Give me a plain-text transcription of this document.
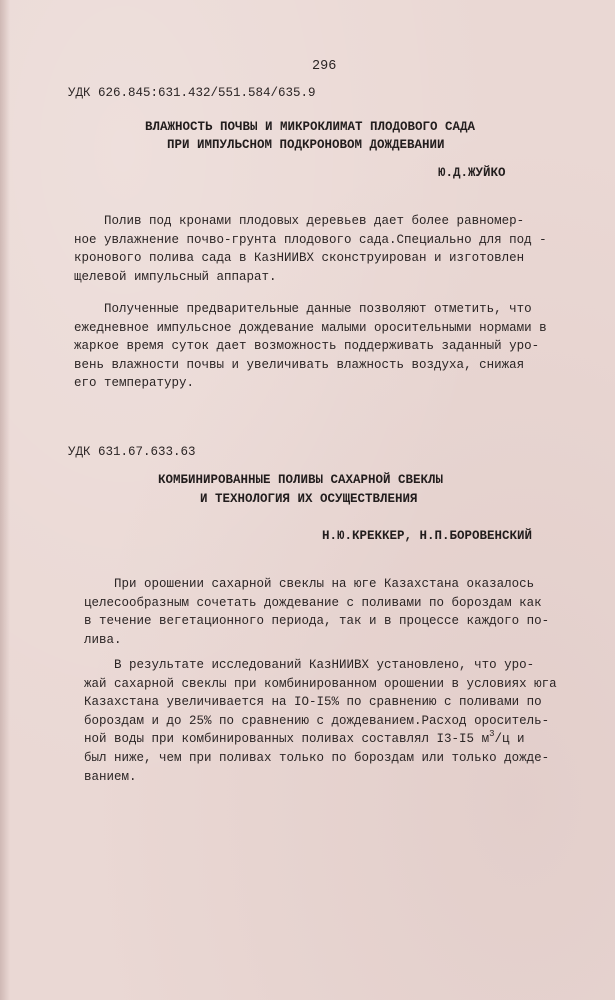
296

УДК 626.845:631.432/551.584/635.9

ВЛАЖНОСТЬ ПОЧВЫ И МИКРОКЛИМАТ ПЛОДОВОГО САДА

ПРИ ИМПУЛЬСНОМ ПОДКРОНОВОМ ДОЖДЕВАНИИ

Ю.Д.ЖУЙКО

Полив под кронами плодовых деревьев дает более равномер-
ное увлажнение почво-грунта плодового сада.Специально для под -
кронового полива сада в КазНИИВХ сконструирован и изготовлен
щелевой импульсный аппарат.
Полученные предварительные данные позволяют отметить, что
ежедневное импульсное дождевание малыми оросительными нормами в
жаркое время суток дает возможность поддерживать заданный уро-
вень влажности почвы и увеличивать влажность воздуха, снижая
его температуру.

УДК 631.67.633.63

КОМБИНИРОВАННЫЕ ПОЛИВЫ САХАРНОЙ СВЕКЛЫ

И ТЕХНОЛОГИЯ ИХ ОСУЩЕСТВЛЕНИЯ

Н.Ю.КРЕККЕР, Н.П.БОРОВЕНСКИЙ

При орошении сахарной свеклы на юге Казахстана оказалось
целесообразным сочетать дождевание с поливами по бороздам как
в течение вегетационного периода, так и в процессе каждого по-
лива.
В результате исследований КазНИИВХ установлено, что уро-
жай сахарной свеклы при комбинированном орошении в условиях юга
Казахстана увеличивается на IO-I5% по сравнению с поливами по
бороздам и до 25% по сравнению с дождеванием.Расход ороситель-
ной воды при комбинированных поливах составлял I3-I5 $м^3/ц$ и
был ниже, чем при поливах только по бороздам или только дожде-
ванием.
